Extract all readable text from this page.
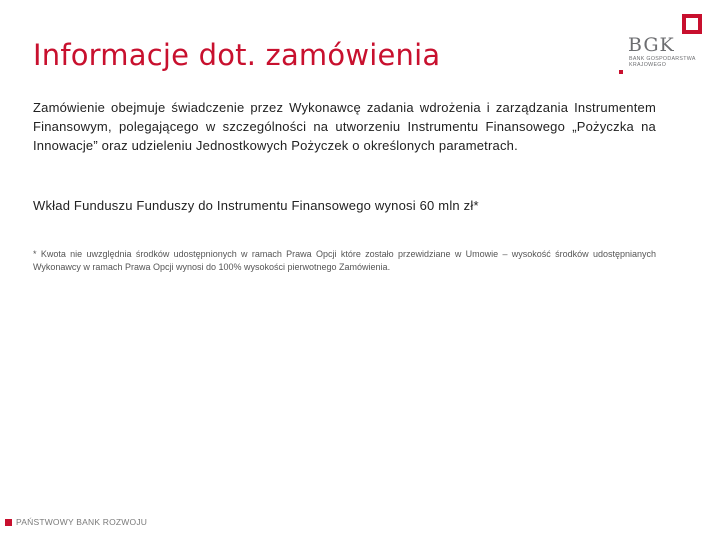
Informacje dot. zamówienia	BGK
BANK GOSPODARSTWA
KRAJOWEGO

Zamówienie obejmuje świadczenie przez Wykonawcę zadania wdrożenia i zarządzania Instrumentem Finansowym, polegającego w szczególności na utworzeniu Instrumentu Finansowego „Pożyczka na Innowacje” oraz udzieleniu Jednostkowych Pożyczek o określonych parametrach.

Wkład Funduszu Funduszy do Instrumentu Finansowego wynosi 60 mln zł*

* Kwota nie uwzględnia środków udostępnionych w ramach Prawa Opcji które zostało przewidziane w Umowie – wysokość środków udostępnianych Wykonawcy w ramach Prawa Opcji wynosi do 100% wysokości pierwotnego Zamówienia.

PAŃSTWOWY BANK ROZWOJU
